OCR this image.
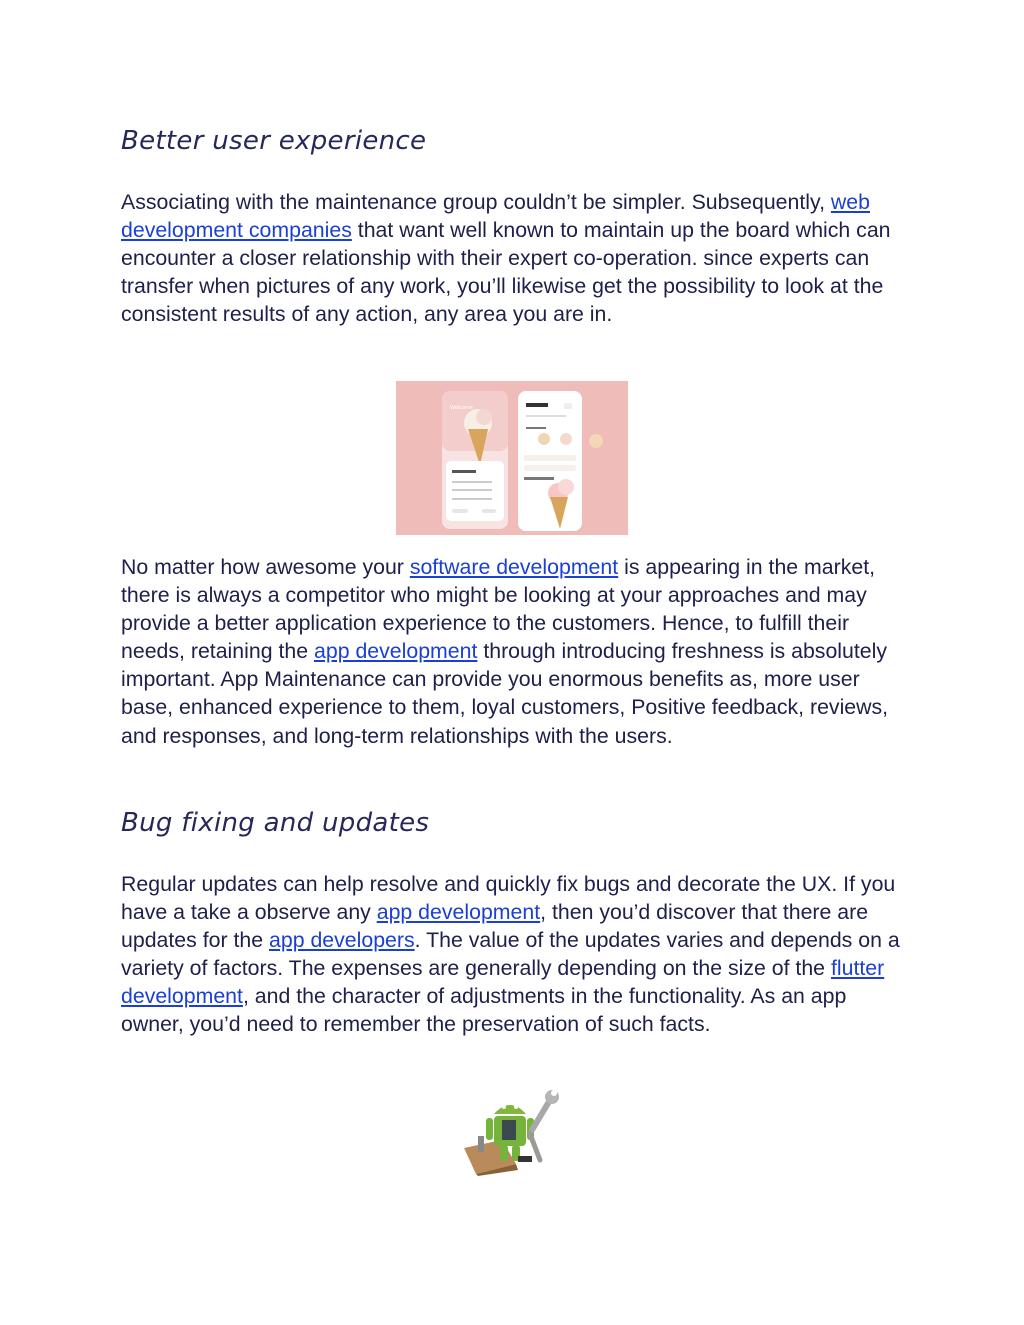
Better user experience

Associating with the maintenance group couldn’t be simpler. Subsequently, web development companies that want well known to maintain up the board which can encounter a closer relationship with their expert co-operation. since experts can transfer when pictures of any work, you’ll likewise get the possibility to look at the consistent results of any action, any area you are in.

Welcome

No matter how awesome your software development is appearing in the market, there is always a competitor who might be looking at your approaches and may provide a better application experience to the customers. Hence, to fulfill their needs, retaining the app development through introducing freshness is absolutely important. App Maintenance can provide you enormous benefits as, more user base, enhanced experience to them, loyal customers, Positive feedback, reviews, and responses, and long-term relationships with the users.

Bug fixing and updates

Regular updates can help resolve and quickly fix bugs and decorate the UX. If you have a take a observe any app development, then you’d discover that there are updates for the app developers. The value of the updates varies and depends on a variety of factors. The expenses are generally depending on the size of the flutter development, and the character of adjustments in the functionality. As an app owner, you’d need to remember the preservation of such facts.
